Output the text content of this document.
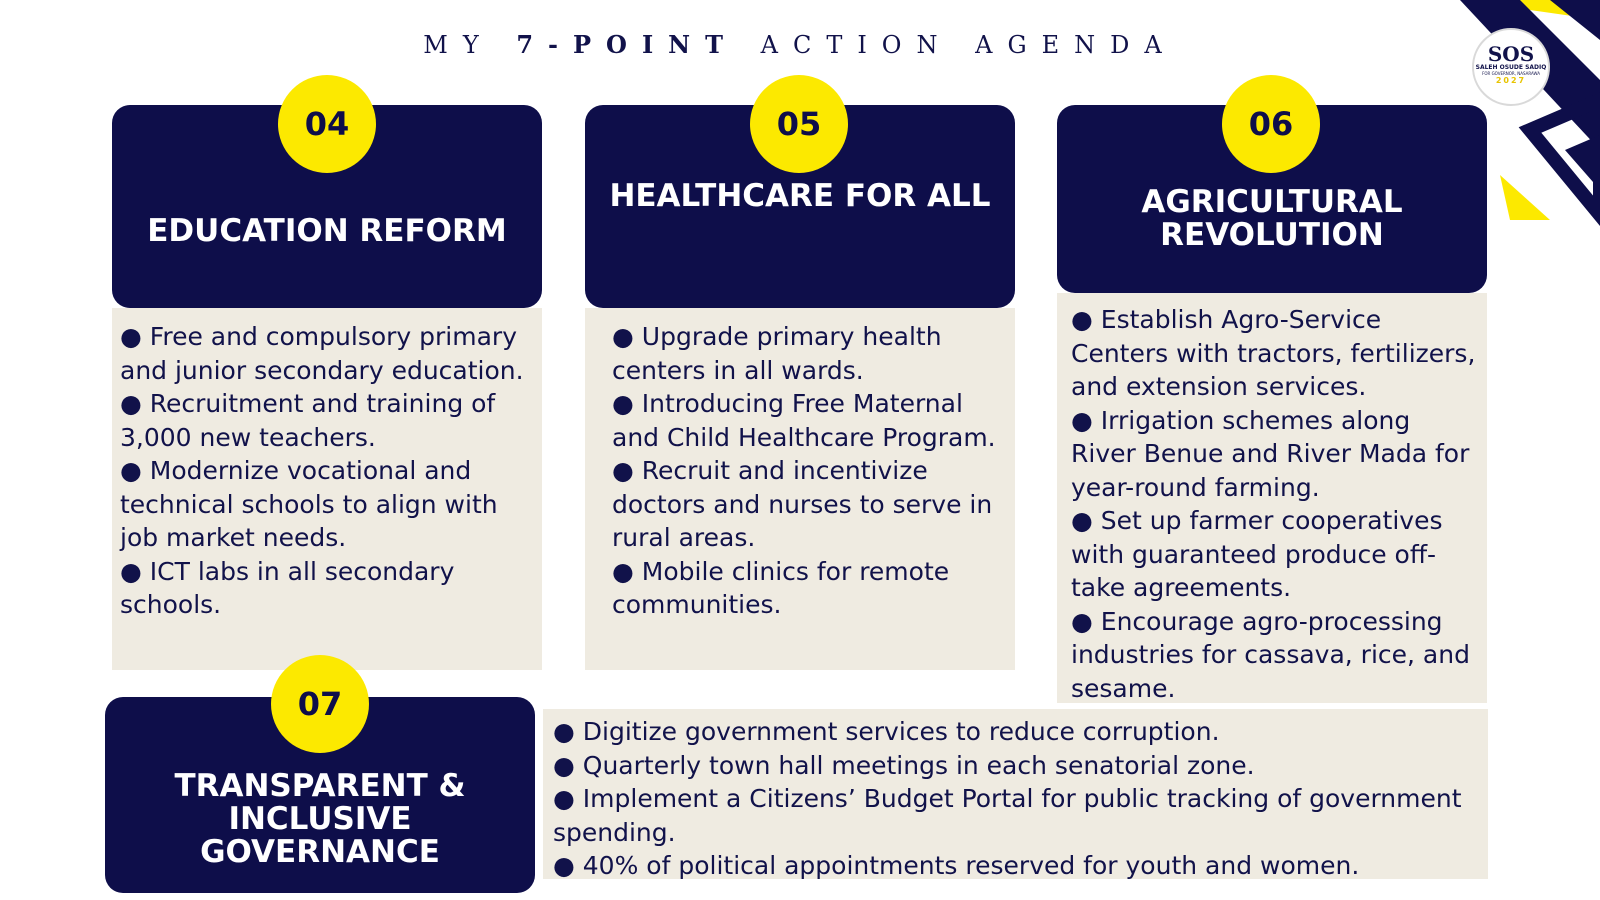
MY 7-POINT ACTION AGENDA	SOS
SALEH OSUDE SADIQ
FOR GOVERNOR, NASARAWA
2027
EDUCATION REFORM

● Free and compulsory primary and junior secondary education.

● Recruitment and training of 3,000 new teachers.

● Modernize vocational and technical schools to align with job market needs.

● ICT labs in all secondary schools.

04
HEALTHCARE FOR ALL

● Upgrade primary health centers in all wards.

● Introducing Free Maternal and Child Healthcare Program.

● Recruit and incentivize doctors and nurses to serve in rural areas.

● Mobile clinics for remote communities.

05
AGRICULTURAL REVOLUTION

● Establish Agro-Service Centers with tractors, fertilizers, and extension services.

● Irrigation schemes along River Benue and River Mada for year-round farming.

● Set up farmer cooperatives with guaranteed produce off-take agreements.

● Encourage agro-processing industries for cassava, rice, and sesame.

06
TRANSPARENT & INCLUSIVE GOVERNANCE

● Digitize government services to reduce corruption.

● Quarterly town hall meetings in each senatorial zone.

● Implement a Citizens’ Budget Portal for public tracking of government spending.

● 40% of political appointments reserved for youth and women.

07
